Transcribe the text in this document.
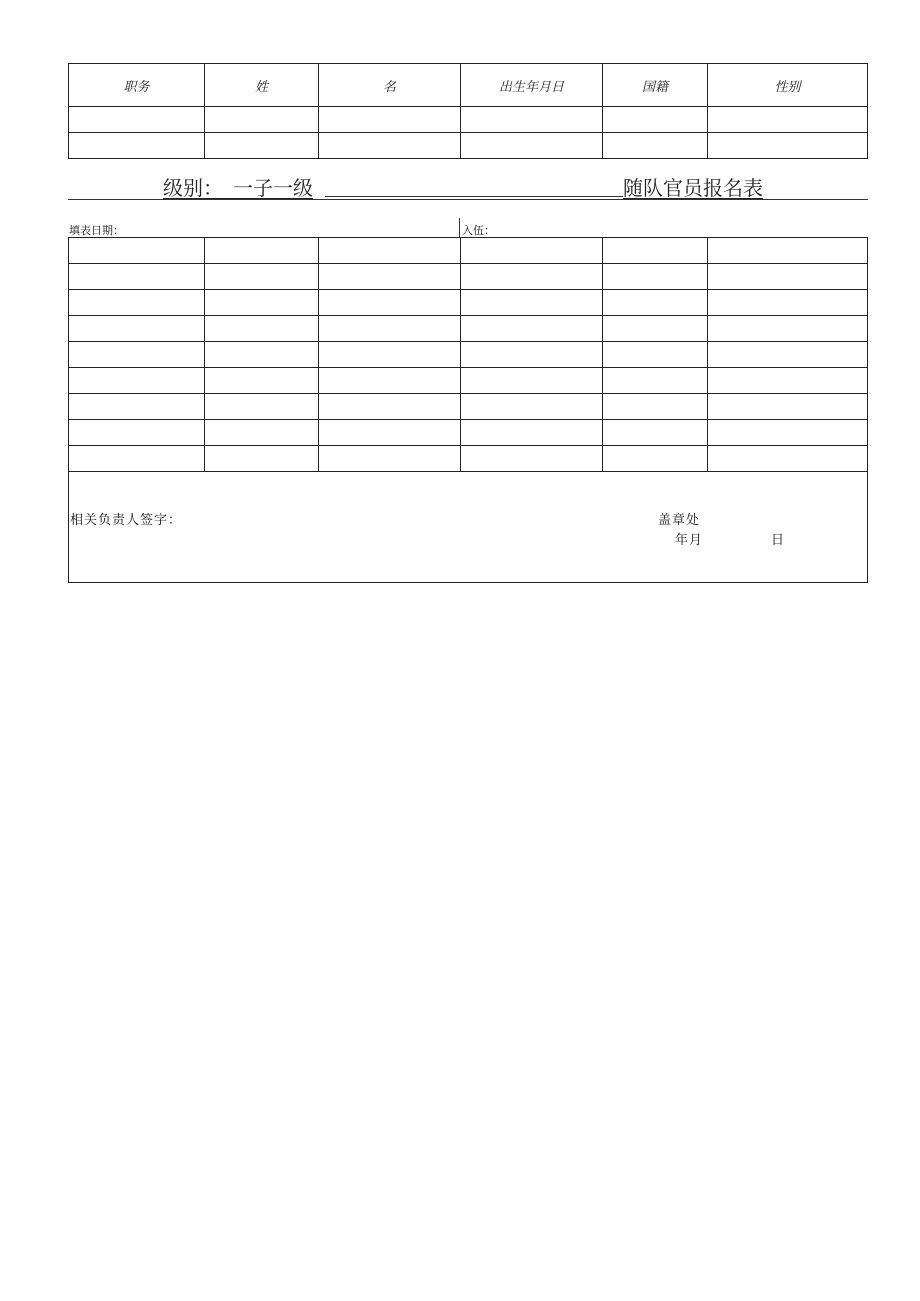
职务	姓	名	出生年月日	国籍	性别

级别：_一子一级	随队官员报名表
填表日期：	入伍：

相关负责人签字：	盖章处
年月	日
